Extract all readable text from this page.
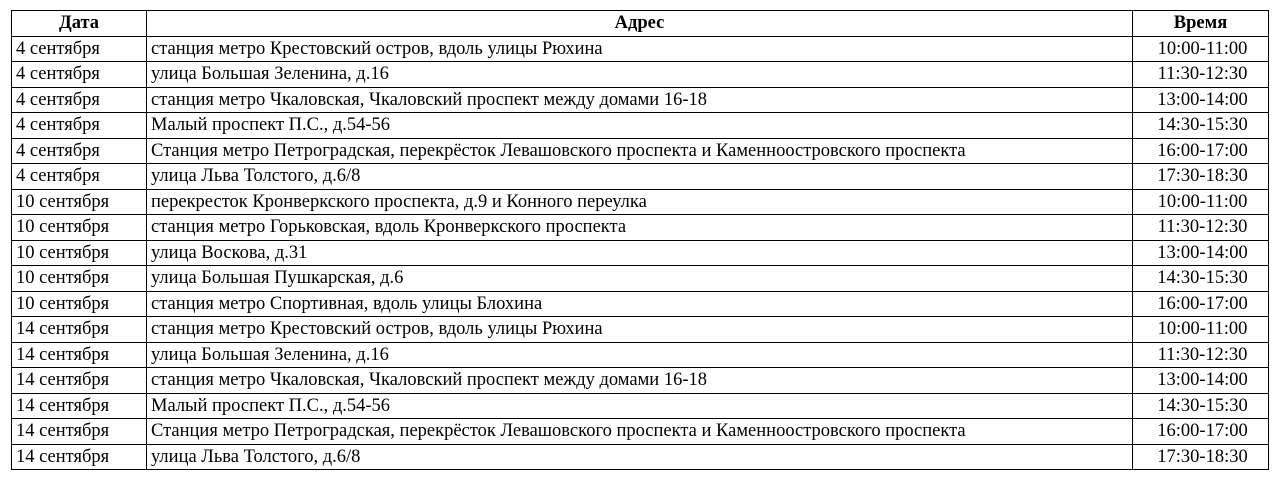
Дата	Адрес	Время
4 сентября	станция метро Крестовский остров, вдоль улицы Рюхина	10:00-11:00
4 сентября	улица Большая Зеленина, д.16	11:30-12:30
4 сентября	станция метро Чкаловская, Чкаловский проспект между домами 16-18	13:00-14:00
4 сентября	Малый проспект П.С., д.54-56	14:30-15:30
4 сентября	Станция метро Петроградская, перекрёсток Левашовского проспекта и Каменноостровского проспекта	16:00-17:00
4 сентября	улица Льва Толстого, д.6/8	17:30-18:30
10 сентября	перекресток Кронверкского проспекта, д.9 и Конного переулка	10:00-11:00
10 сентября	станция метро Горьковская, вдоль Кронверкского проспекта	11:30-12:30
10 сентября	улица Воскова, д.31	13:00-14:00
10 сентября	улица Большая Пушкарская, д.6	14:30-15:30
10 сентября	станция метро Спортивная, вдоль улицы Блохина	16:00-17:00
14 сентября	станция метро Крестовский остров, вдоль улицы Рюхина	10:00-11:00
14 сентября	улица Большая Зеленина, д.16	11:30-12:30
14 сентября	станция метро Чкаловская, Чкаловский проспект между домами 16-18	13:00-14:00
14 сентября	Малый проспект П.С., д.54-56	14:30-15:30
14 сентября	Станция метро Петроградская, перекрёсток Левашовского проспекта и Каменноостровского проспекта	16:00-17:00
14 сентября	улица Льва Толстого, д.6/8	17:30-18:30
